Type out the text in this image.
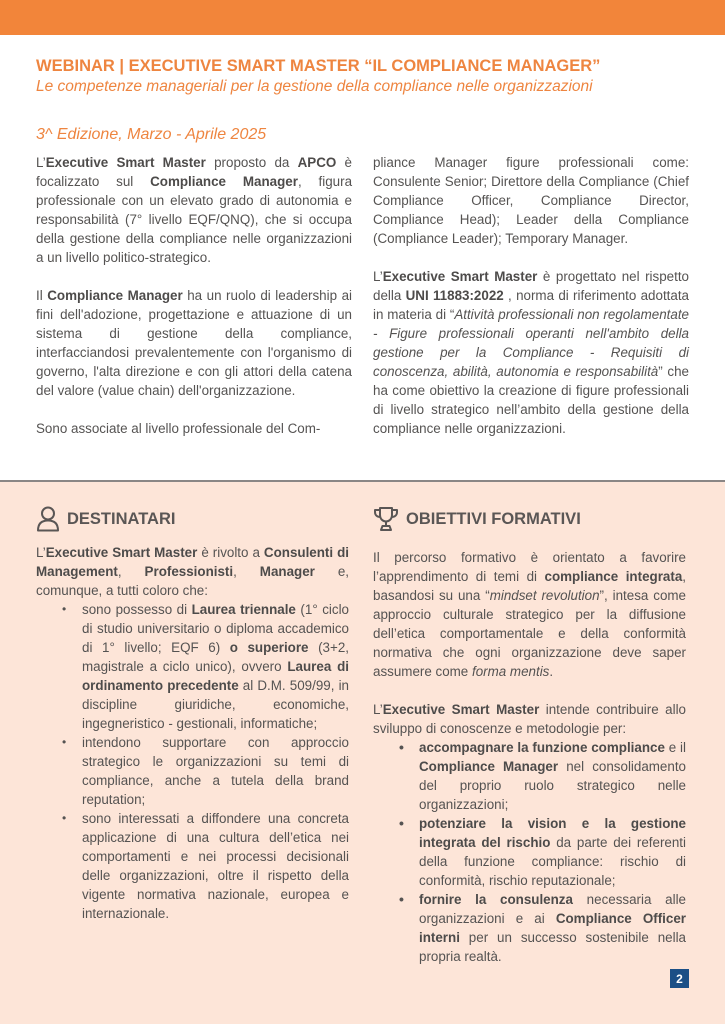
WEBINAR | EXECUTIVE SMART MASTER “IL COMPLIANCE MANAGER”
Le competenze manageriali per la gestione della compliance nelle organizzazioni
3^ Edizione, Marzo - Aprile 2025

L’Executive Smart Master proposto da APCO è focalizzato sul Compliance Manager, figura professionale con un elevato grado di autonomia e responsabilità (7° livello EQF/QNQ), che si occupa della gestione della compliance nelle organizzazioni a un livello politico-strategico.

Il Compliance Manager ha un ruolo di leadership ai fini dell'adozione, progettazione e attuazione di un sistema di gestione della compliance, interfacciandosi prevalentemente con l'organismo di governo, l'alta direzione e con gli attori della catena del valore (value chain) dell'organizzazione.

Sono associate al livello professionale del Com-

pliance Manager figure professionali come: Consulente Senior; Direttore della Compliance (Chief Compliance Officer, Compliance Director, Compliance Head); Leader della Compliance (Compliance Leader); Temporary Manager.

L’Executive Smart Master è progettato nel rispetto della UNI 11883:2022 , norma di riferimento adottata in materia di “Attività professionali non regolamentate - Figure professionali operanti nell'ambito della gestione per la Compliance - Requisiti di conoscenza, abilità, autonomia e responsabilità” che ha come obiettivo la creazione di figure professionali di livello strategico nell’ambito della gestione della compliance nelle organizzazioni.

DESTINATARI	OBIETTIVI FORMATIVI

L’Executive Smart Master è rivolto a Consulenti di Management, Professionisti, Manager e, comunque, a tutti coloro che:

• sono possesso di Laurea triennale (1° ciclo di studio universitario o diploma accademico di 1° livello; EQF 6) o superiore (3+2, magistrale a ciclo unico), ovvero Laurea di ordinamento precedente al D.M. 509/99, in discipline giuridiche, economiche, ingegneristico - gestionali, informatiche;
• intendono supportare con approccio strategico le organizzazioni su temi di compliance, anche a tutela della brand reputation;
• sono interessati a diffondere una concreta applicazione di una cultura dell’etica nei comportamenti e nei processi decisionali delle organizzazioni, oltre il rispetto della vigente normativa nazionale, europea e internazionale.

Il percorso formativo è orientato a favorire l’apprendimento di temi di compliance integrata, basandosi su una “mindset revolution”, intesa come approccio culturale strategico per la diffusione dell’etica comportamentale e della conformità normativa che ogni organizzazione deve saper assumere come forma mentis.

L’Executive Smart Master intende contribuire allo sviluppo di conoscenze e metodologie per:

• accompagnare la funzione compliance e il Compliance Manager nel consolidamento del proprio ruolo strategico nelle organizzazioni;
• potenziare la vision e la gestione integrata del rischio da parte dei referenti della funzione compliance: rischio di conformità, rischio reputazionale;
• fornire la consulenza necessaria alle organizzazioni e ai Compliance Officer interni per un successo sostenibile nella propria realtà.
2
